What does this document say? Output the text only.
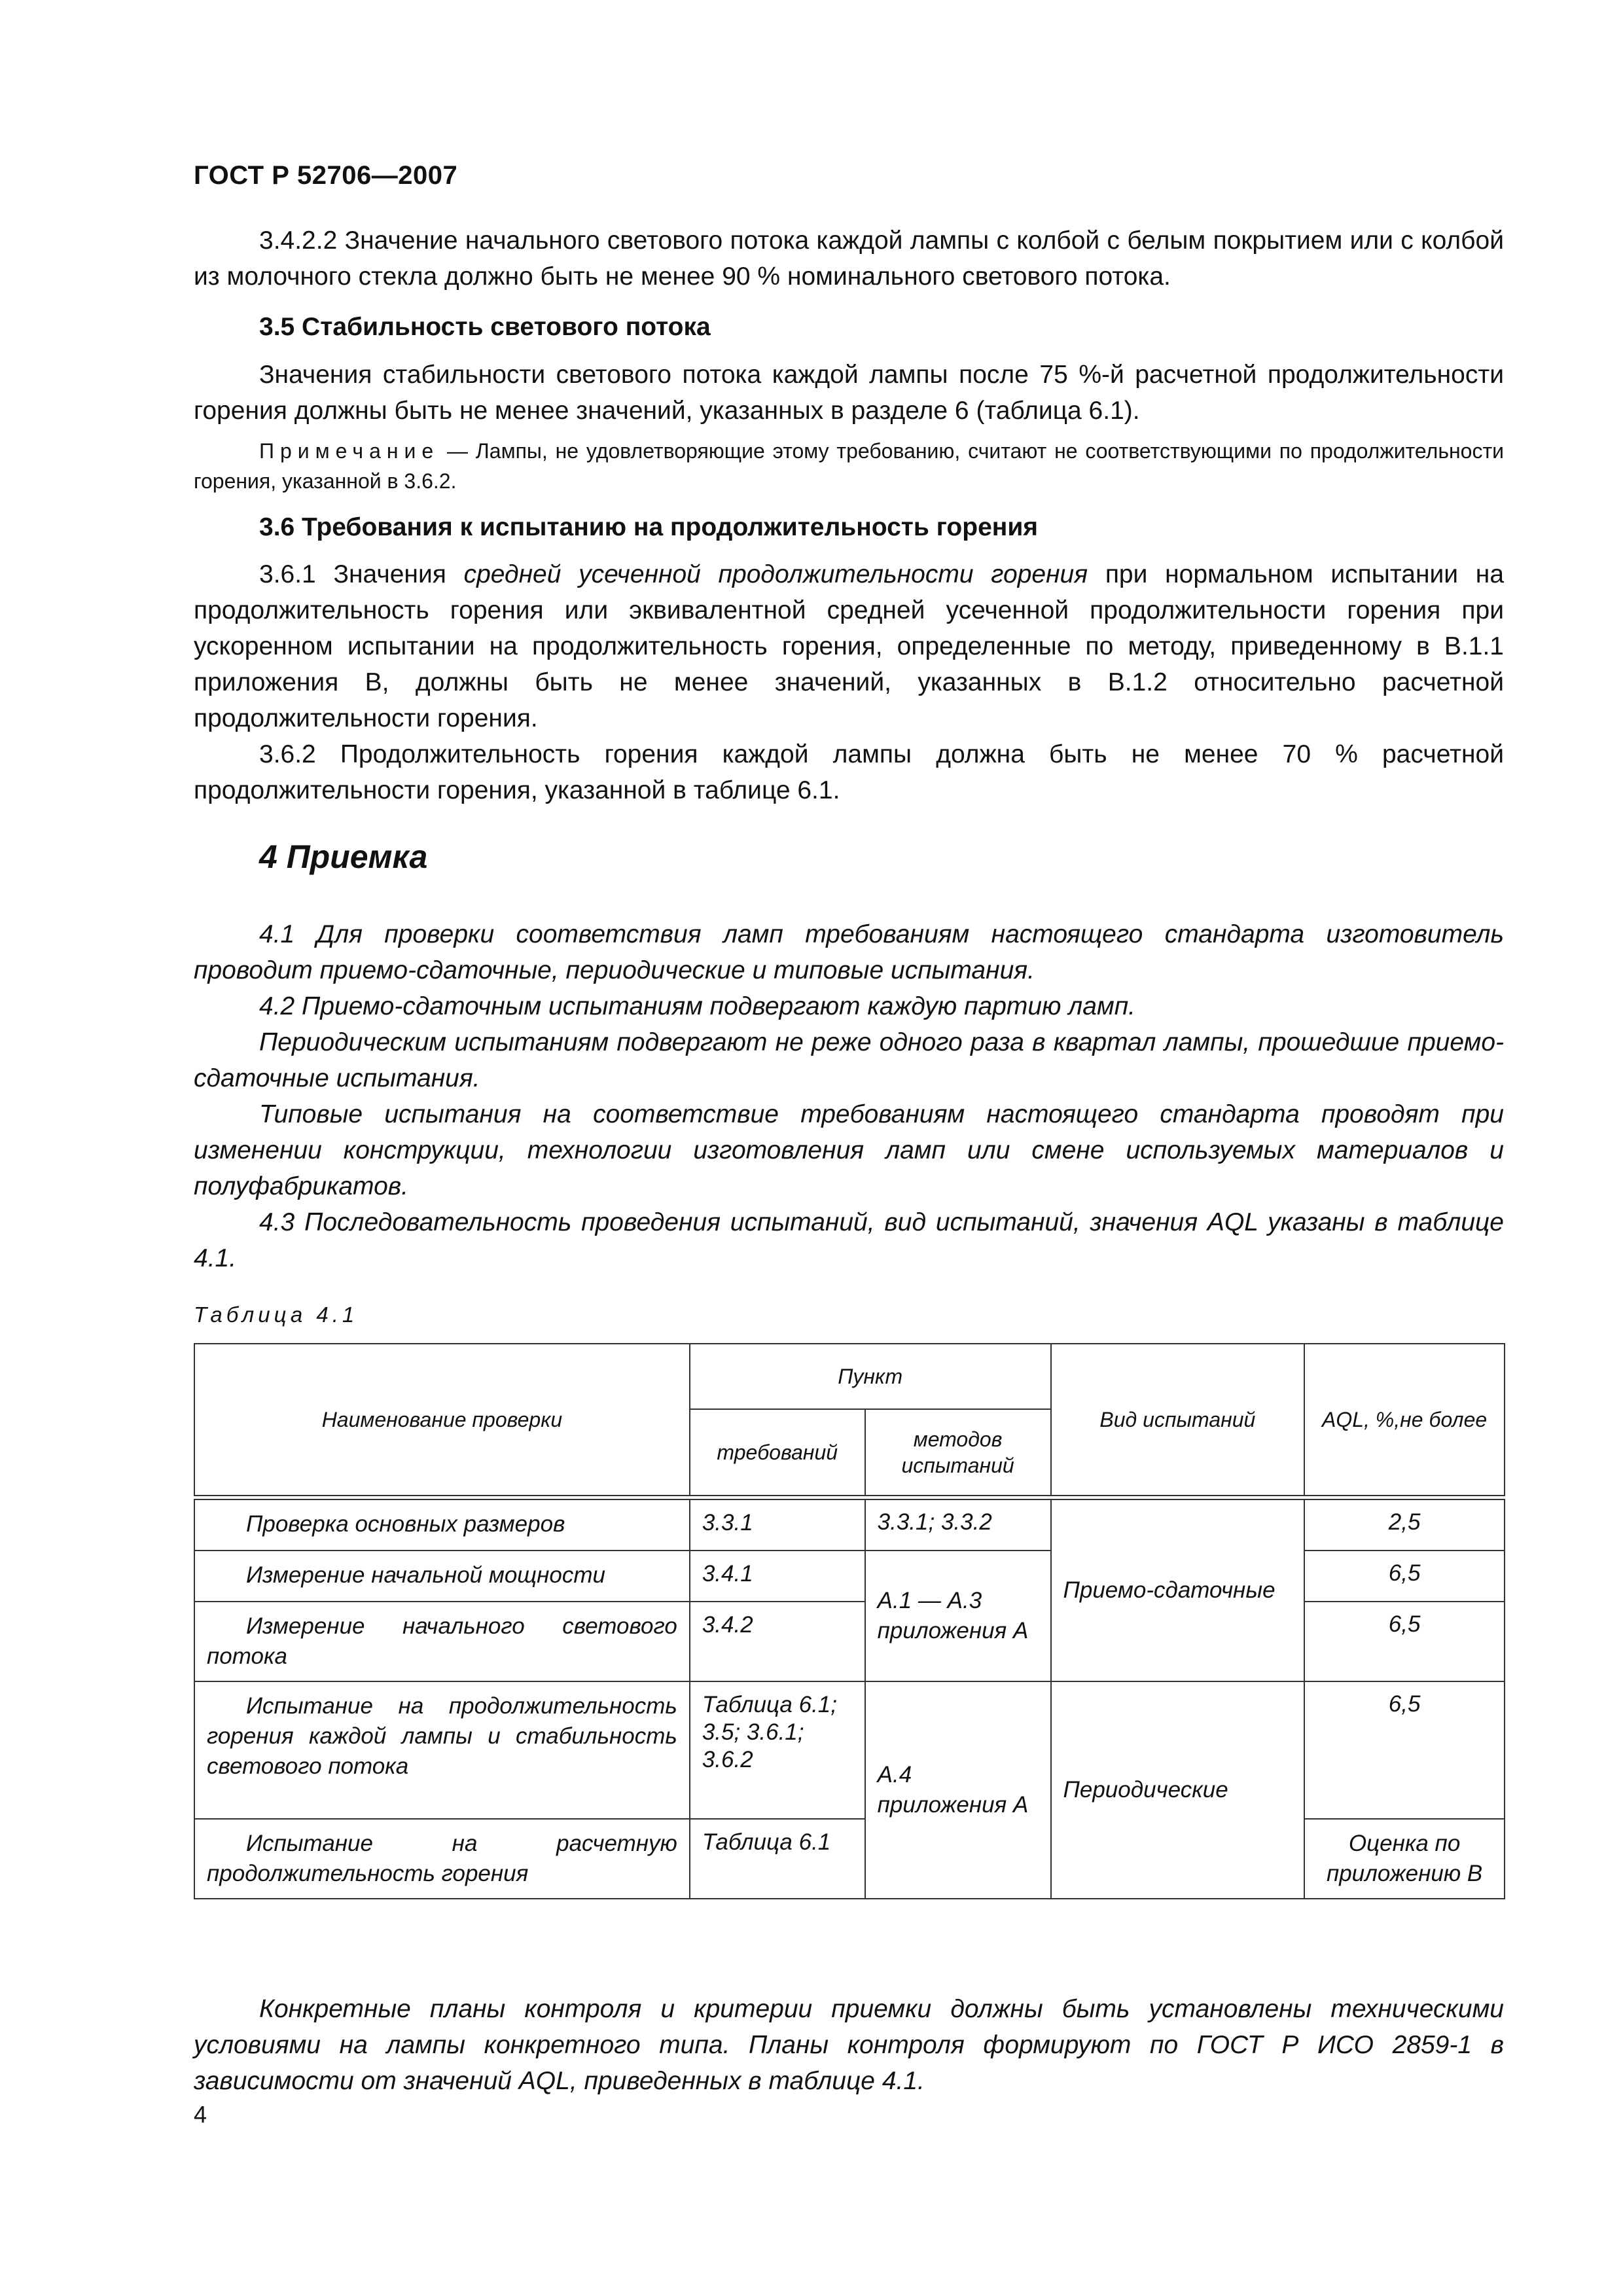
ГОСТ Р 52706—2007
3.4.2.2 Значение начального светового потока каждой лампы с колбой с белым покрытием или с колбой из молочного стекла должно быть не менее 90 % номинального светового потока.
3.5 Стабильность светового потока
Значения стабильности светового потока каждой лампы после 75 %-й расчетной продолжительности горения должны быть не менее значений, указанных в разделе 6 (таблица 6.1).
Примечание — Лампы, не удовлетворяющие этому требованию, считают не соответствующими по продолжительности горения, указанной в 3.6.2.
3.6 Требования к испытанию на продолжительность горения
3.6.1 Значения средней усеченной продолжительности горения при нормальном испытании на продолжительность горения или эквивалентной средней усеченной продолжительности горения при ускоренном испытании на продолжительность горения, определенные по методу, приведенному в В.1.1 приложения В, должны быть не менее значений, указанных в В.1.2 относительно расчетной продолжительности горения.
3.6.2 Продолжительность горения каждой лампы должна быть не менее 70 % расчетной продолжительности горения, указанной в таблице 6.1.
4 Приемка
4.1 Для проверки соответствия ламп требованиям настоящего стандарта изготовитель проводит приемо-сдаточные, периодические и типовые испытания.
4.2 Приемо-сдаточным испытаниям подвергают каждую партию ламп.
Периодическим испытаниям подвергают не реже одного раза в квартал лампы, прошедшие приемо-сдаточные испытания.
Типовые испытания на соответствие требованиям настоящего стандарта проводят при изменении конструкции, технологии изготовления ламп или смене используемых материалов и полуфабрикатов.
4.3 Последовательность проведения испытаний, вид испытаний, значения AQL указаны в таблице 4.1.
Таблица 4.1
Наименование проверки	Пункт		Вид испытаний	AQL, %,не более
	требований	методов испытаний		

Проверка основных размеров	3.3.1	3.3.1; 3.3.2	Приемо-сдаточные	2,5
Измерение начальной мощности	3.4.1	А.1 — А.3 приложения А		6,5
Измерение начального светового потока	3.4.2			6,5
Испытание на продолжительность горения каждой лампы и стабильность светового потока	Таблица 6.1; 3.5; 3.6.1; 3.6.2	А.4 приложения А	Периодические	6,5
Испытание на расчетную продолжительность горения	Таблица 6.1			Оценка по приложению В
Конкретные планы контроля и критерии приемки должны быть установлены техническими условиями на лампы конкретного типа. Планы контроля формируют по ГОСТ Р ИСО 2859-1 в зависимости от значений AQL, приведенных в таблице 4.1.
4
